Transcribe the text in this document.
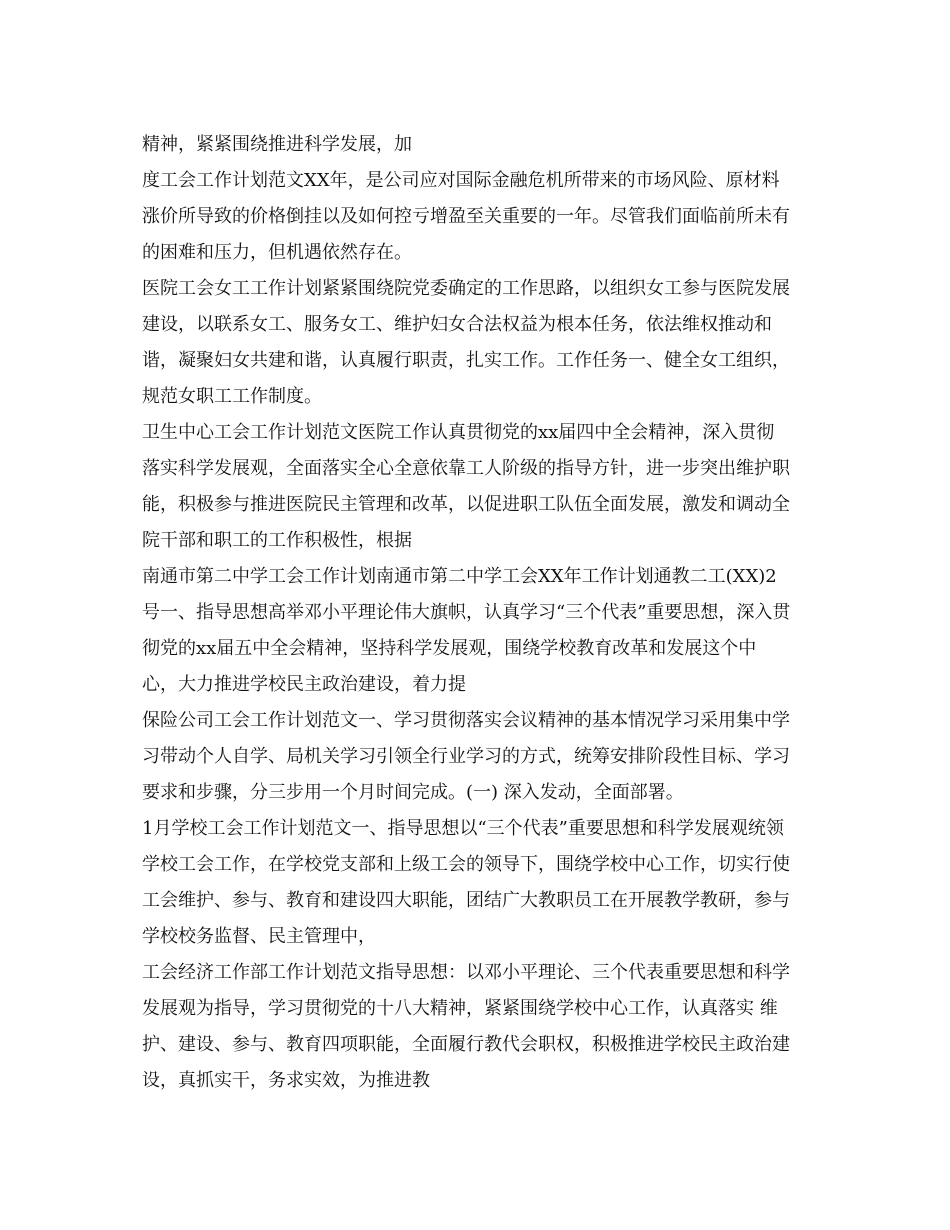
精神，紧紧围绕推进科学发展，加
度工会工作计划范文XX年，是公司应对国际金融危机所带来的市场风险、原材料
涨价所导致的价格倒挂以及如何控亏增盈至关重要的一年。尽管我们面临前所未有
的困难和压力，但机遇依然存在。
医院工会女工工作计划紧紧围绕院党委确定的工作思路，以组织女工参与医院发展
建设，以联系女工、服务女工、维护妇女合法权益为根本任务，依法维权推动和
谐，凝聚妇女共建和谐，认真履行职责，扎实工作。工作任务一、健全女工组织，
规范女职工工作制度。
卫生中心工会工作计划范文医院工作认真贯彻党的xx届四中全会精神，深入贯彻
落实科学发展观，全面落实全心全意依靠工人阶级的指导方针，进一步突出维护职
能，积极参与推进医院民主管理和改革，以促进职工队伍全面发展，激发和调动全
院干部和职工的工作积极性，根据
南通市第二中学工会工作计划南通市第二中学工会XX年工作计划通教二工(XX)2
号一、指导思想高举邓小平理论伟大旗帜，认真学习“三个代表”重要思想，深入贯
彻党的xx届五中全会精神，坚持科学发展观，围绕学校教育改革和发展这个中
心，大力推进学校民主政治建设，着力提
保险公司工会工作计划范文一、学习贯彻落实会议精神的基本情况学习采用集中学
习带动个人自学、局机关学习引领全行业学习的方式，统筹安排阶段性目标、学习
要求和步骤，分三步用一个月时间完成。(一) 深入发动，全面部署。
1月学校工会工作计划范文一、指导思想以“三个代表”重要思想和科学发展观统领
学校工会工作，在学校党支部和上级工会的领导下，围绕学校中心工作，切实行使
工会维护、参与、教育和建设四大职能，团结广大教职员工在开展教学教研，参与
学校校务监督、民主管理中，
工会经济工作部工作计划范文指导思想：以邓小平理论、三个代表重要思想和科学
发展观为指导，学习贯彻党的十八大精神，紧紧围绕学校中心工作，认真落实 维
护、建设、参与、教育四项职能，全面履行教代会职权，积极推进学校民主政治建
设，真抓实干，务求实效，为推进教
